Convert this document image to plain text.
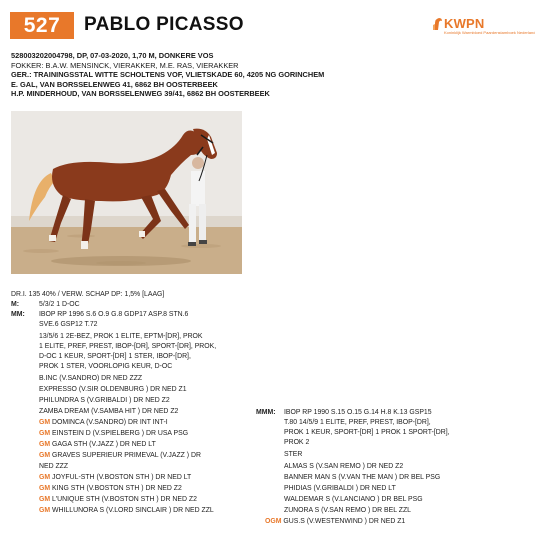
527	PABLO PICASSO	KWPN
Koninklijk Warmbloed Paardenstamboek Nederland
528003202004798, DP, 07-03-2020, 1,70 M, DONKERE VOS
FOKKER: B.A.W. MENSINCK, VIERAKKER, M.E. RAS, VIERAKKER
GER.: TRAININGSSTAL WITTE SCHOLTENS VOF, VLIETSKADE 60, 4205 NG GORINCHEM
E. GAL, VAN BORSSELENWEG 41, 6862 BH OOSTERBEEK
H.P. MINDERHOUD, VAN BORSSELENWEG 39/41, 6862 BH OOSTERBEEK
DR.I. 135 40% / VERW. SCHAP DP: 1,5% [LAAG]
M:	5/3/2 1 D-OC
MM:	IBOP RP 1996 S.6 O.9 G.8 GDP17 ASP.8 STN.6
SVE.6 GSP12 T.72
13/5/6 1 2E-BEZ, PROK 1 ELITE, EPTM-[DR], PROK
1 ELITE, PREF, PREST, IBOP-[DR], SPORT-[DR], PROK,
D-OC 1 KEUR, SPORT-[DR] 1 STER, IBOP-[DR],
PROK 1 STER, VOORLOPIG KEUR, D-OC
B.INC (V.SANDRO) DR NED ZZZ
EXPRESSO (V.SIR OLDENBURG ) DR NED Z1
PHILUNDRA S (V.GRIBALDI ) DR NED Z2
ZAMBA DREAM (V.SAMBA HIT ) DR NED Z2
GM DOMINCA (V.SANDRO) DR INT INT-I
GM EINSTEIN D (V.SPIELBERG ) DR USA PSG
GM GAGA STH (V.JAZZ ) DR NED LT
GM GRAVES SUPERIEUR PRIMEVAL (V.JAZZ ) DR
NED ZZZ
GM JOYFUL-STH (V.BOSTON STH ) DR NED LT
GM KING STH (V.BOSTON STH ) DR NED Z2
GM L'UNIQUE STH (V.BOSTON STH ) DR NED Z2
GM WHILLUNORA S (V.LORD SINCLAIR ) DR NED ZZL
MMM: IBOP RP 1990 S.15 O.15 G.14 H.8 K.13 GSP15
T.80 14/5/9 1 ELITE, PREF, PREST, IBOP-[DR],
PROK 1 KEUR, SPORT-[DR] 1 PROK 1 SPORT-[DR],
PROK 2
STER
ALMAS S (V.SAN REMO ) DR NED Z2
BANNER MAN S (V.VAN THE MAN ) DR BEL PSG
PHIDIAS (V.GRIBALDI ) DR NED LT
WALDEMAR S (V.LANCIANO ) DR BEL PSG
ZUNORA S (V.SAN REMO ) DR BEL ZZL
OGM GUS.S (V.WESTENWIND ) DR NED Z1
